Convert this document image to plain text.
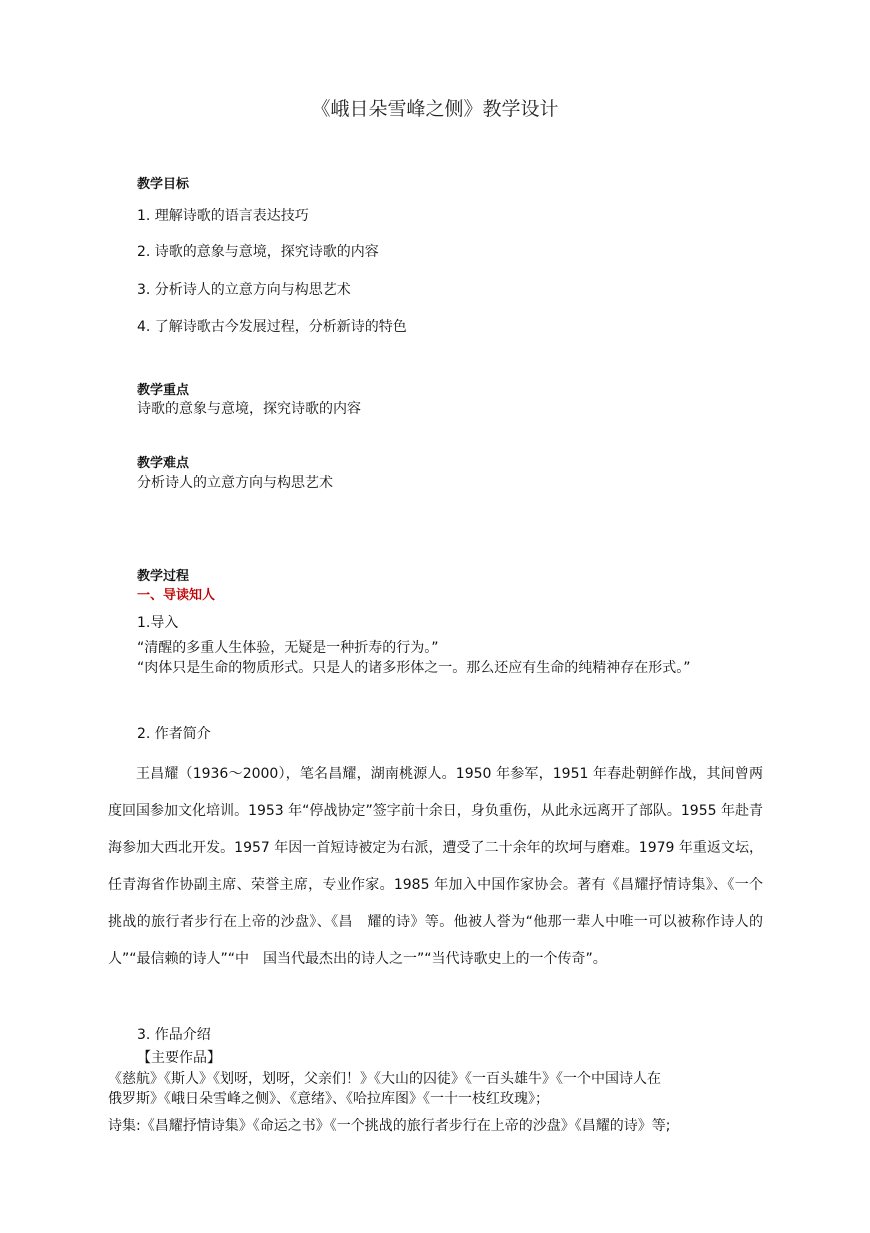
《峨日朵雪峰之侧》教学设计
教学目标
1. 理解诗歌的语言表达技巧
2. 诗歌的意象与意境，探究诗歌的内容
3. 分析诗人的立意方向与构思艺术
4. 了解诗歌古今发展过程，分析新诗的特色
教学重点
诗歌的意象与意境，探究诗歌的内容
教学难点
分析诗人的立意方向与构思艺术
教学过程
一、导读知人
1.导入
“清醒的多重人生体验，无疑是一种折寿的行为。”
“肉体只是生命的物质形式。只是人的诸多形体之一。那么还应有生命的纯精神存在形式。”
2. 作者简介

王昌耀（1936～2000），笔名昌耀，湖南桃源人。1950 年参军，1951 年春赴朝鲜作战，其间曾两度回国参加文化培训。1953 年“停战协定”签字前十余日，身负重伤，从此永远离开了部队。1955 年赴青海参加大西北开发。1957 年因一首短诗被定为右派，遭受了二十余年的坎坷与磨难。1979 年重返文坛，任青海省作协副主席、荣誉主席，专业作家。1985 年加入中国作家协会。著有《昌耀抒情诗集》、《一个挑战的旅行者步行在上帝的沙盘》、《昌　耀的诗》等。他被人誉为“他那一辈人中唯一可以被称作诗人的人”“最信赖的诗人”“中　国当代最杰出的诗人之一”“当代诗歌史上的一个传奇”。

3. 作品介绍
【主要作品】
《慈航》《斯人》《划呀，划呀，父亲们！》《大山的囚徒》《一百头雄牛》《一个中国诗人在
俄罗斯》《峨日朵雪峰之侧》、《意绪》、《哈拉库图》《一十一枝红玫瑰》；
诗集:《昌耀抒情诗集》《命运之书》《一个挑战的旅行者步行在上帝的沙盘》《昌耀的诗》等;
